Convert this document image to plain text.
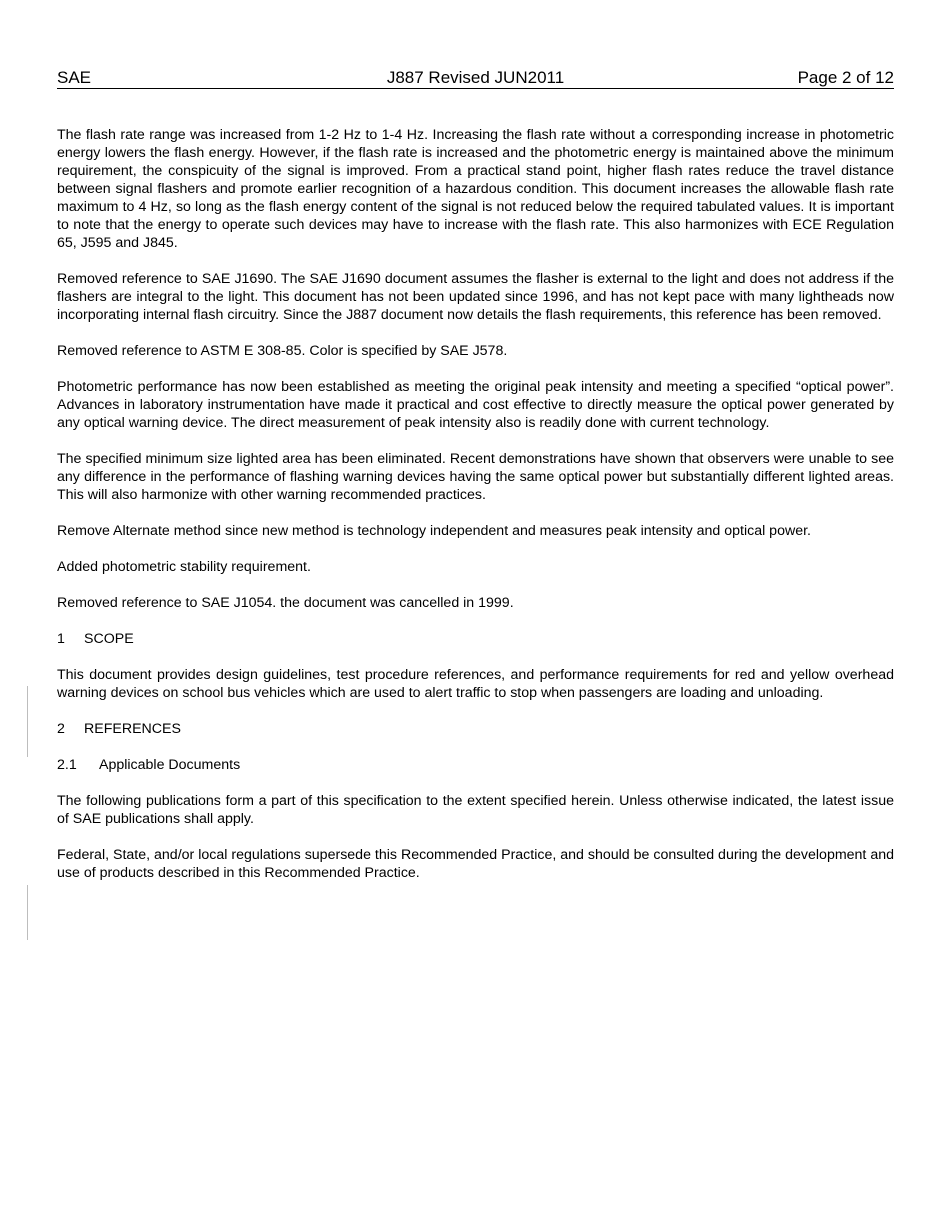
SAE	J887 Revised JUN2011	Page 2 of 12

The flash rate range was increased from 1-2 Hz to 1-4 Hz. Increasing the flash rate without a corresponding increase in photometric energy lowers the flash energy. However, if the flash rate is increased and the photometric energy is maintained above the minimum requirement, the conspicuity of the signal is improved. From a practical stand point, higher flash rates reduce the travel distance between signal flashers and promote earlier recognition of a hazardous condition. This document increases the allowable flash rate maximum to 4 Hz, so long as the flash energy content of the signal is not reduced below the required tabulated values. It is important to note that the energy to operate such devices may have to increase with the flash rate. This also harmonizes with ECE Regulation 65, J595 and J845.

Removed reference to SAE J1690. The SAE J1690 document assumes the flasher is external to the light and does not address if the flashers are integral to the light. This document has not been updated since 1996, and has not kept pace with many lightheads now incorporating internal flash circuitry. Since the J887 document now details the flash requirements, this reference has been removed.

Removed reference to ASTM E 308-85. Color is specified by SAE J578.

Photometric performance has now been established as meeting the original peak intensity and meeting a specified “optical power”. Advances in laboratory instrumentation have made it practical and cost effective to directly measure the optical power generated by any optical warning device. The direct measurement of peak intensity also is readily done with current technology.

The specified minimum size lighted area has been eliminated. Recent demonstrations have shown that observers were unable to see any difference in the performance of flashing warning devices having the same optical power but substantially different lighted areas. This will also harmonize with other warning recommended practices.

Remove Alternate method since new method is technology independent and measures peak intensity and optical power.

Added photometric stability requirement.

Removed reference to SAE J1054. the document was cancelled in 1999.

1 SCOPE

This document provides design guidelines, test procedure references, and performance requirements for red and yellow overhead warning devices on school bus vehicles which are used to alert traffic to stop when passengers are loading and unloading.

2 REFERENCES
2.1 Applicable Documents

The following publications form a part of this specification to the extent specified herein. Unless otherwise indicated, the latest issue of SAE publications shall apply.

Federal, State, and/or local regulations supersede this Recommended Practice, and should be consulted during the development and use of products described in this Recommended Practice.
